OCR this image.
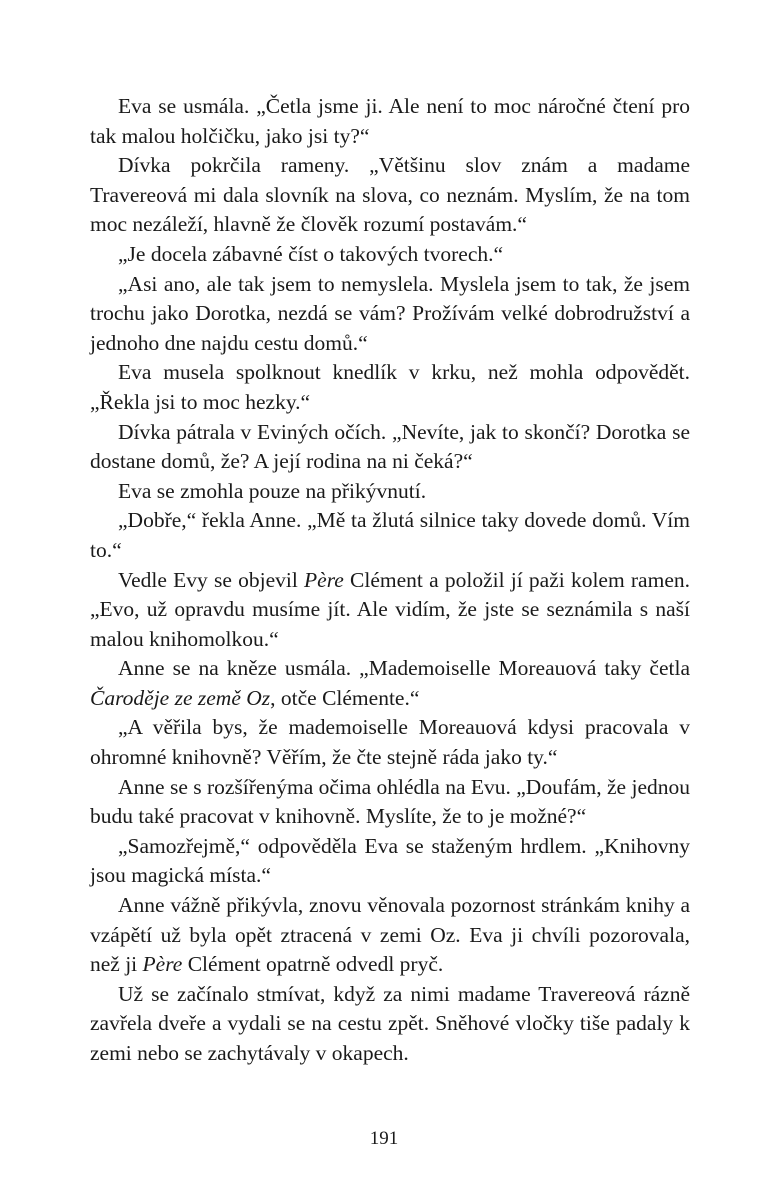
Eva se usmála. „Četla jsme ji. Ale není to moc náročné čtení pro tak malou holčičku, jako jsi ty?“

Dívka pokrčila rameny. „Většinu slov znám a madame Travereová mi dala slovník na slova, co neznám. Myslím, že na tom moc nezáleží, hlavně že člověk rozumí postavám.“

„Je docela zábavné číst o takových tvorech.“

„Asi ano, ale tak jsem to nemyslela. Myslela jsem to tak, že jsem trochu jako Dorotka, nezdá se vám? Prožívám velké dobrodružství a jednoho dne najdu cestu domů.“

Eva musela spolknout knedlík v krku, než mohla odpovědět. „Řekla jsi to moc hezky.“

Dívka pátrala v Eviných očích. „Nevíte, jak to skončí? Dorotka se dostane domů, že? A její rodina na ni čeká?“

Eva se zmohla pouze na přikývnutí.

„Dobře,“ řekla Anne. „Mě ta žlutá silnice taky dovede domů. Vím to.“

Vedle Evy se objevil Père Clément a položil jí paži kolem ramen. „Evo, už opravdu musíme jít. Ale vidím, že jste se seznámila s naší malou knihomolkou.“

Anne se na kněze usmála. „Mademoiselle Moreauová taky četla Čaroděje ze země Oz, otče Clémente.“

„A věřila bys, že mademoiselle Moreauová kdysi pracovala v ohromné knihovně? Věřím, že čte stejně ráda jako ty.“

Anne se s rozšířenýma očima ohlédla na Evu. „Doufám, že jednou budu také pracovat v knihovně. Myslíte, že to je možné?“

„Samozřejmě,“ odpověděla Eva se staženým hrdlem. „Knihovny jsou magická místa.“

Anne vážně přikývla, znovu věnovala pozornost stránkám knihy a vzápětí už byla opět ztracená v zemi Oz. Eva ji chvíli pozorovala, než ji Père Clément opatrně odvedl pryč.

Už se začínalo stmívat, když za nimi madame Travereová rázně zavřela dveře a vydali se na cestu zpět. Sněhové vločky tiše padaly k zemi nebo se zachytávaly v okapech.

191
